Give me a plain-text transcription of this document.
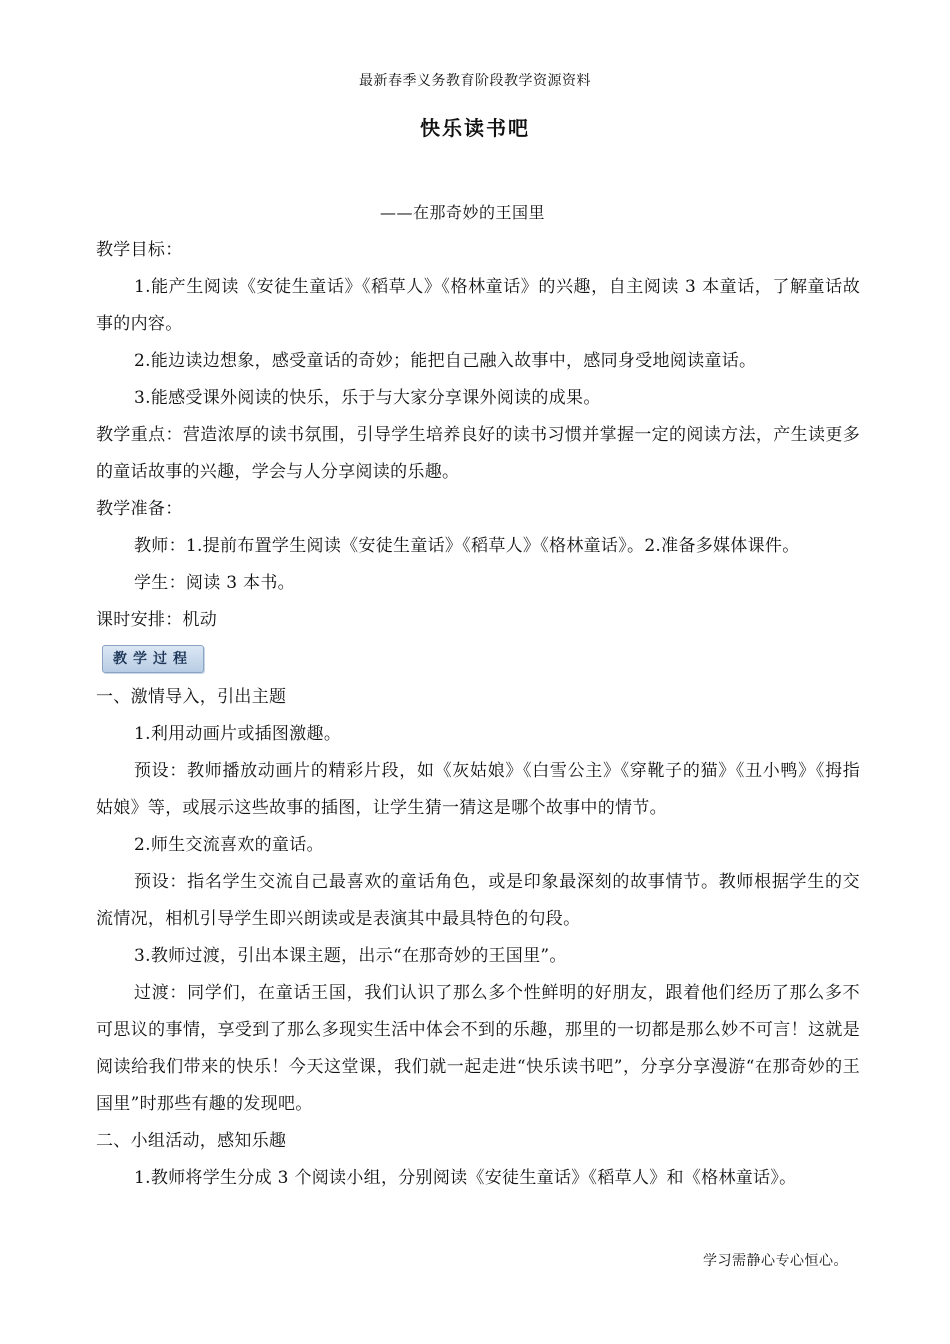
最新春季义务教育阶段教学资源资料
快乐读书吧
——在那奇妙的王国里

教学目标：

1.能产生阅读《安徒生童话》《稻草人》《格林童话》的兴趣，自主阅读 3 本童话，了解童话故事的内容。

2.能边读边想象，感受童话的奇妙；能把自己融入故事中，感同身受地阅读童话。

3.能感受课外阅读的快乐，乐于与大家分享课外阅读的成果。

教学重点：营造浓厚的读书氛围，引导学生培养良好的读书习惯并掌握一定的阅读方法，产生读更多的童话故事的兴趣，学会与人分享阅读的乐趣。

教学准备：

教师：1.提前布置学生阅读《安徒生童话》《稻草人》《格林童话》。2.准备多媒体课件。

学生：阅读 3 本书。

课时安排：机动

教学过程

一、激情导入，引出主题

1.利用动画片或插图激趣。

预设：教师播放动画片的精彩片段，如《灰姑娘》《白雪公主》《穿靴子的猫》《丑小鸭》《拇指姑娘》等，或展示这些故事的插图，让学生猜一猜这是哪个故事中的情节。

2.师生交流喜欢的童话。

预设：指名学生交流自己最喜欢的童话角色，或是印象最深刻的故事情节。教师根据学生的交流情况，相机引导学生即兴朗读或是表演其中最具特色的句段。

3.教师过渡，引出本课主题，出示“在那奇妙的王国里”。

过渡：同学们，在童话王国，我们认识了那么多个性鲜明的好朋友，跟着他们经历了那么多不可思议的事情，享受到了那么多现实生活中体会不到的乐趣，那里的一切都是那么妙不可言！这就是阅读给我们带来的快乐！今天这堂课，我们就一起走进“快乐读书吧”，分享分享漫游“在那奇妙的王国里”时那些有趣的发现吧。

二、小组活动，感知乐趣

1.教师将学生分成 3 个阅读小组，分别阅读《安徒生童话》《稻草人》和《格林童话》。

学习需静心专心恒心。
